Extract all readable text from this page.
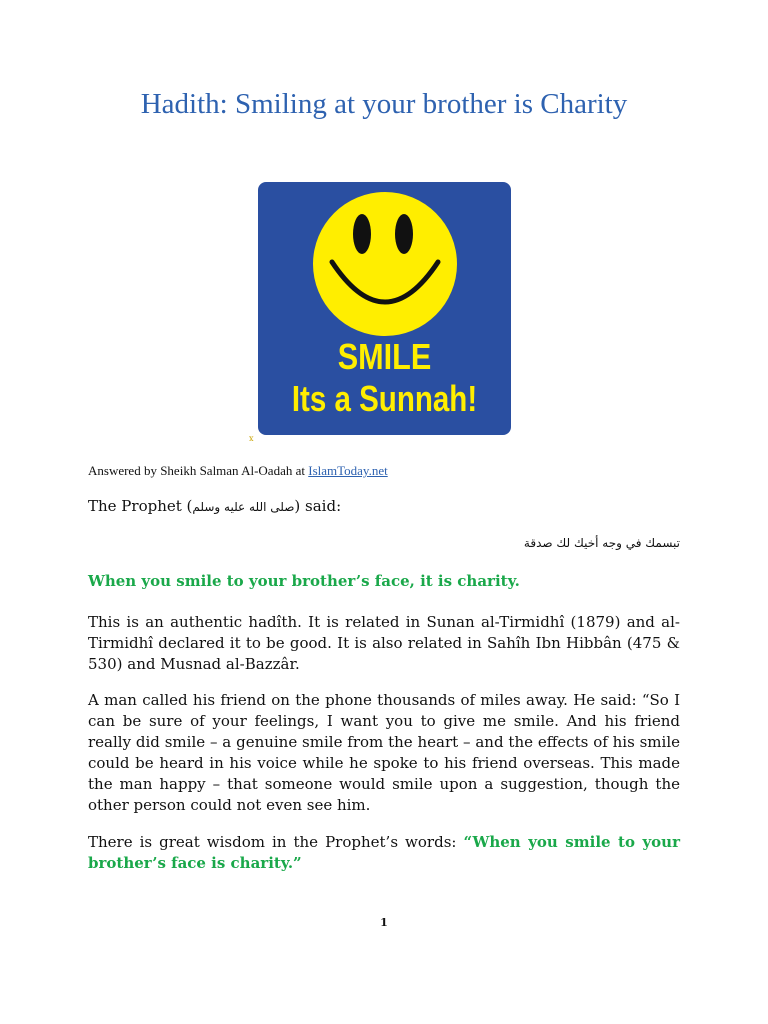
Hadith: Smiling at your brother is Charity
SMILE
Its a Sunnah!
x
Answered by Sheikh Salman Al-Oadah at IslamToday.net
The Prophet (صلى الله عليه وسلم) said:
تبسمك في وجه أخيك لك صدقة
When you smile to your brother’s face, it is charity.

This is an authentic hadîth. It is related in Sunan al-Tirmidhî (1879) and al-Tirmidhî declared it to be good. It is also related in Sahîh Ibn Hibbân (475 & 530) and Musnad al-Bazzâr.

A man called his friend on the phone thousands of miles away. He said: “So I can be sure of your feelings, I want you to give me smile. And his friend really did smile – a genuine smile from the heart – and the effects of his smile could be heard in his voice while he spoke to his friend overseas. This made the man happy – that someone would smile upon a suggestion, though the other person could not even see him.

There is great wisdom in the Prophet’s words: “When you smile to your brother’s face is charity.”

1
